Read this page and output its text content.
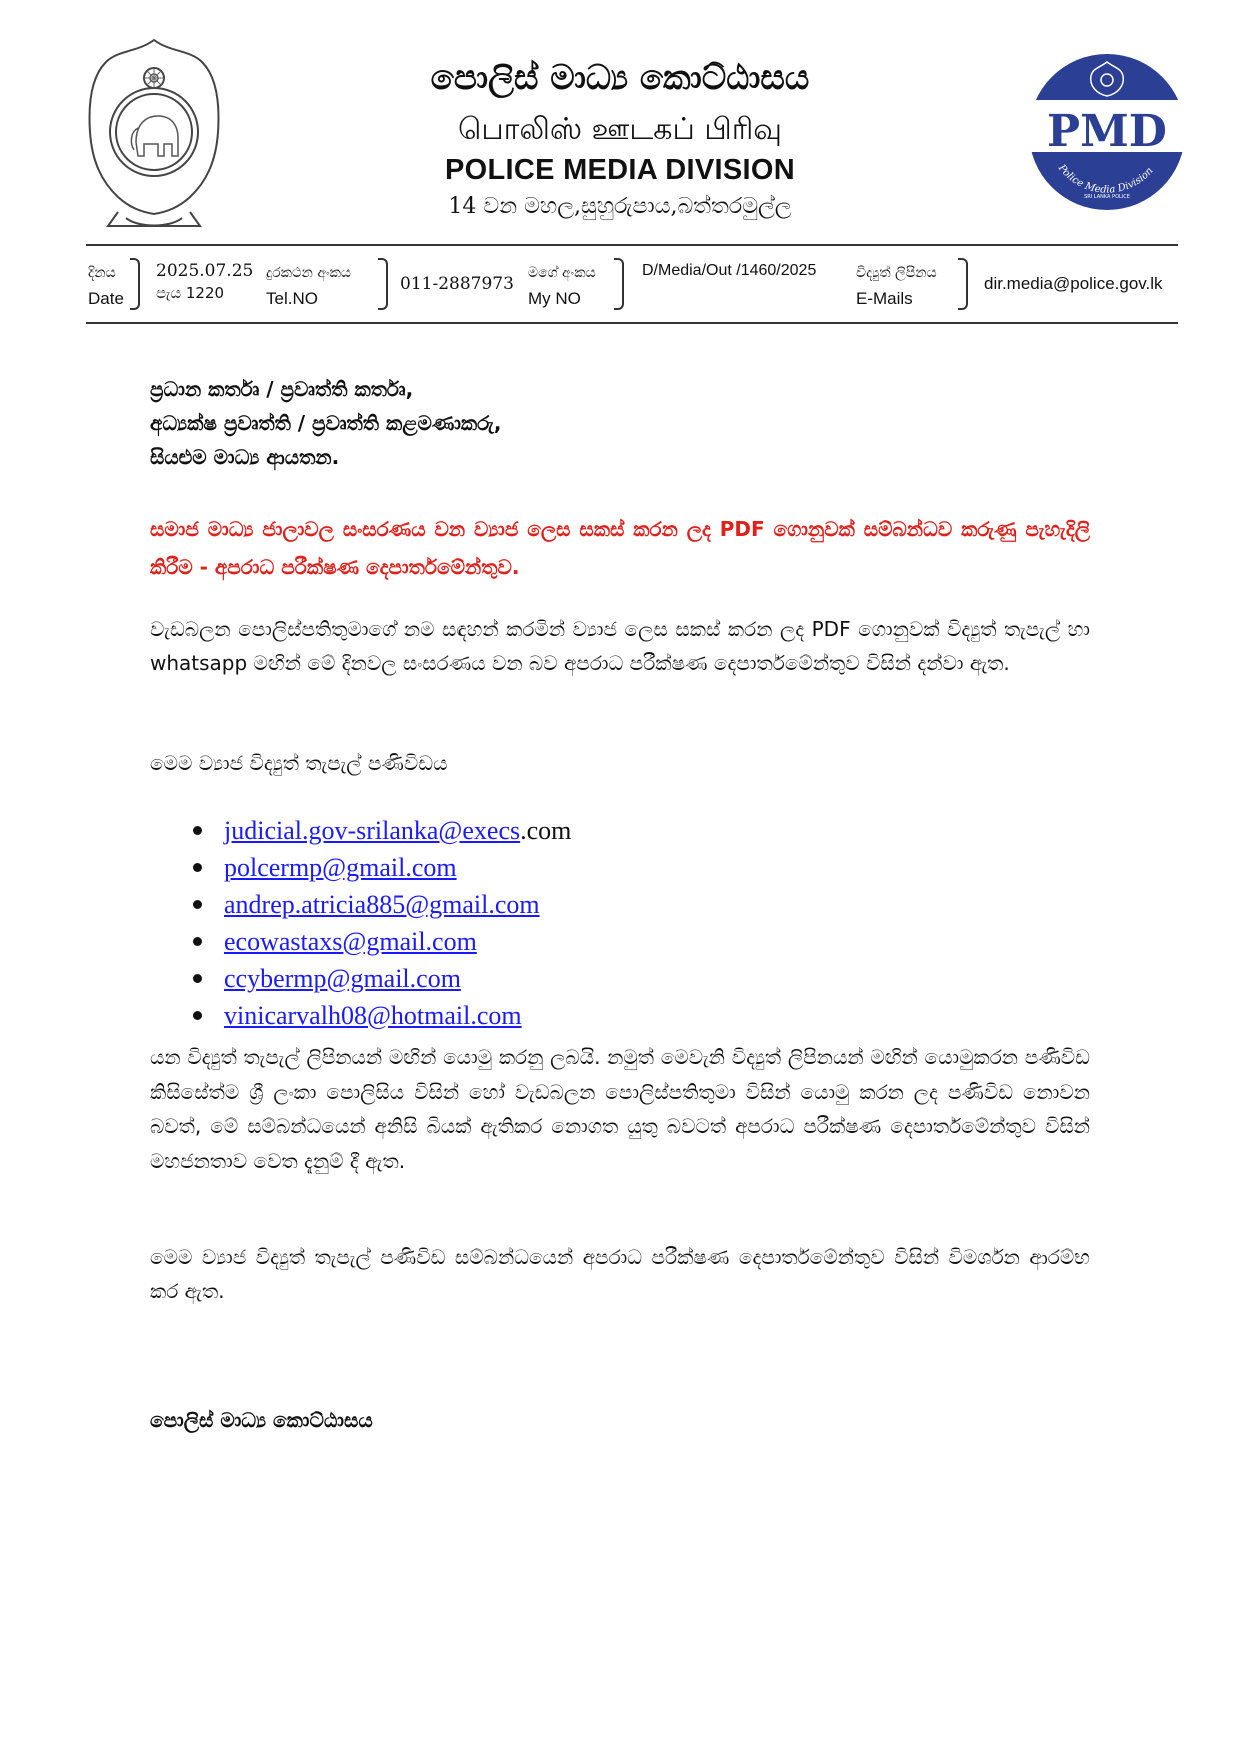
පොලිස් මාධ්‍ය කොට්ඨාසය
பொலிஸ் ஊடகப் பிரிவு
POLICE MEDIA DIVISION
14 වන මහල,සුහුරුපාය,බත්තරමුල්ල
PMD
Police Media Division
SRI LANKA POLICE
දිනය
Date
2025.07.25
පැය 1220
දුරකථන අංකය
Tel.NO
011-2887973
මගේ අංකය
My NO
D/Media/Out /1460/2025	විද්‍යුත් ලිපිනය
E-Mails
dir.media@police.gov.lk
ප්‍රධාන කර්තෘ / ප්‍රවෘත්ති කර්තෘ,
අධ්‍යක්ෂ ප්‍රවෘත්ති / ප්‍රවෘත්ති කළමණාකරු,
සියළුම මාධ්‍ය ආයතන.
සමාජ මාධ්‍ය ජාලාවල සංසරණය වන ව්‍යාජ ලෙස සකස් කරන ලද PDF ගොනුවක් සම්බන්ධව කරුණු පැහැදිලි කිරීම - අපරාධ පරීක්ෂණ දෙපාර්තමේන්තුව.
වැඩබලන පොලිස්පතිතුමාගේ නම සඳහන් කරමින් ව්‍යාජ ලෙස සකස් කරන ලද PDF ගොනුවක් විද්‍යුත් තැපැල් හා whatsapp මඟින් මේ දිනවල සංසරණය වන බව අපරාධ පරීක්ෂණ දෙපාර්තමේන්තුව විසින් දන්වා ඇත.
මෙම ව්‍යාජ විද්‍යුත් තැපැල් පණිවිඩය
judicial.gov-srilanka@execs.com
polcermp@gmail.com
andrep.atricia885@gmail.com
ecowastaxs@gmail.com
ccybermp@gmail.com
vinicarvalh08@hotmail.com
යන විද්‍යුත් තැපැල් ලිපිනයන් මඟින් යොමු කරනු ලබයි. නමුත් මෙවැනි විද්‍යුත් ලිපිනයන් මඟින් යොමුකරන පණිවිඩ කිසිසේත්ම ශ්‍රී ලංකා පොලිසිය විසින් හෝ වැඩබලන පොලිස්පතිතුමා විසින් යොමු කරන ලද පණිවිඩ නොවන බවත්, මේ සම්බන්ධයෙන් අනිසි බියක් ඇතිකර නොගත යුතු බවටත් අපරාධ පරීක්ෂණ දෙපාර්තමේන්තුව විසින් මහජනතාව වෙත දැනුම් දී ඇත.
මෙම ව්‍යාජ විද්‍යුත් තැපැල් පණිවිඩ සම්බන්ධයෙන් අපරාධ පරීක්ෂණ දෙපාර්තමේන්තුව විසින් විමර්ශන ආරම්භ කර ඇත.
පොලිස් මාධ්‍ය කොට්ඨාසය
